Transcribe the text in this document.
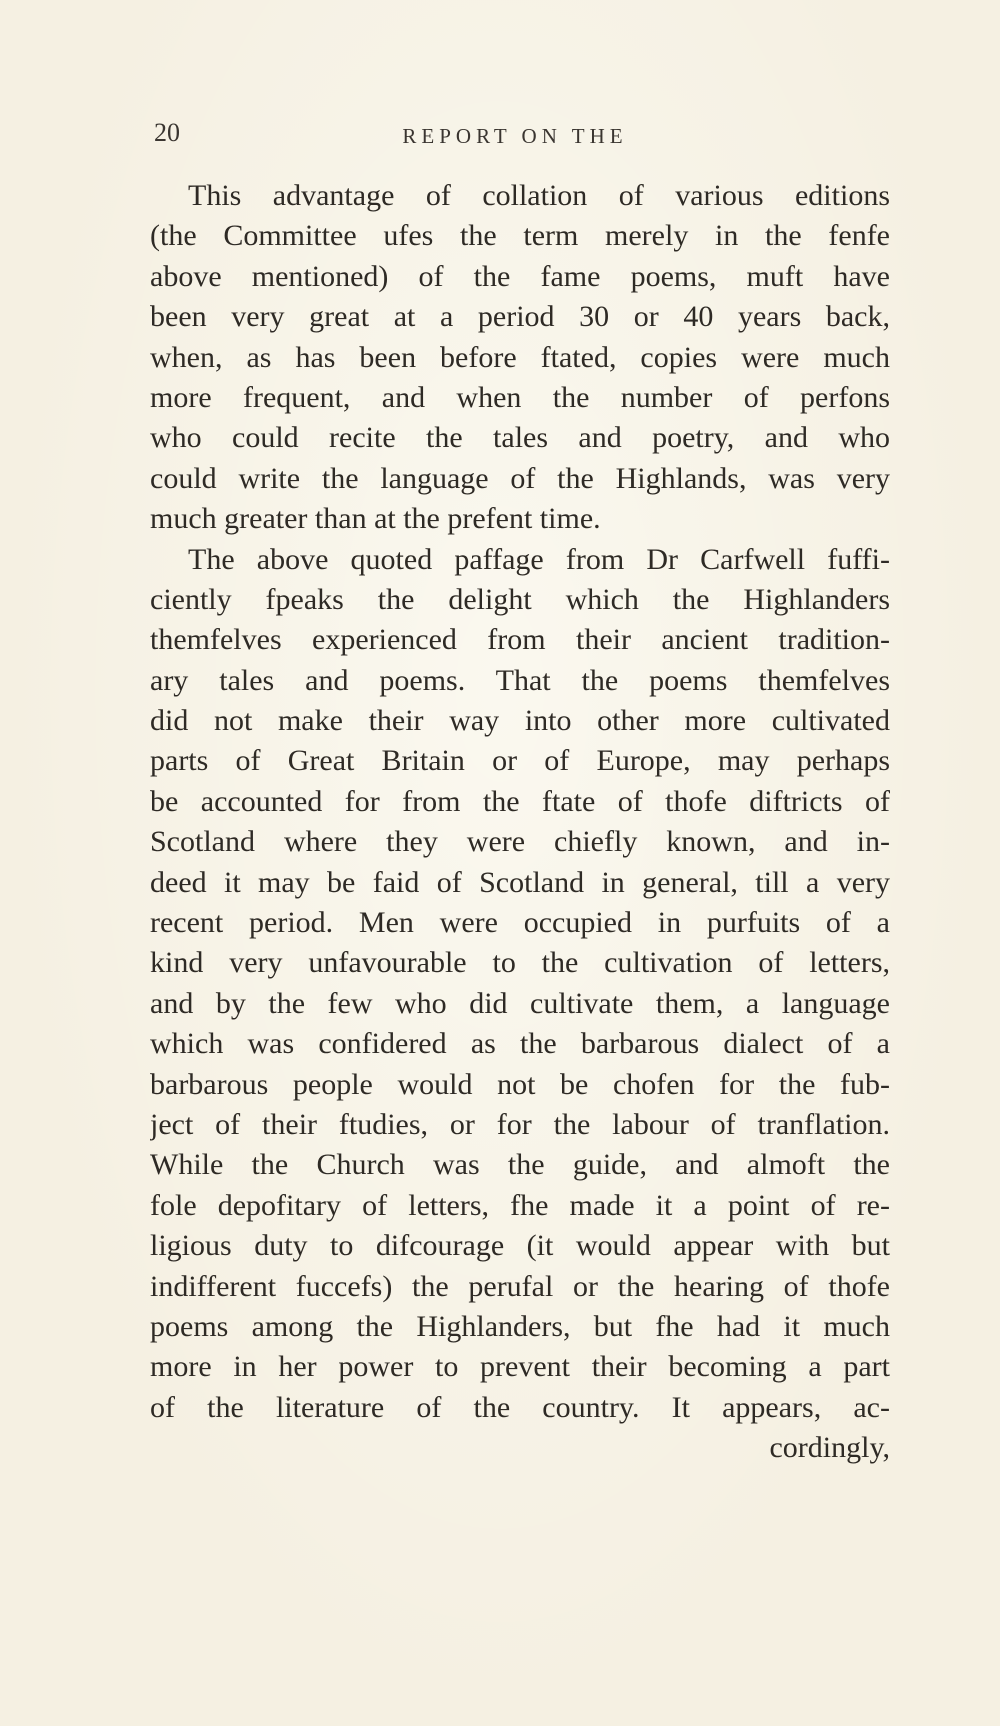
20	REPORT ON THE
This advantage of collation of various editions
(the Committee ufes the term merely in the fenfe
above mentioned) of the fame poems, muft have
been very great at a period 30 or 40 years back,
when, as has been before ftated, copies were much
more frequent, and when the number of perfons
who could recite the tales and poetry, and who
could write the language of the Highlands, was very
much greater than at the prefent time.
The above quoted paffage from Dr Carfwell fuffi-
ciently fpeaks the delight which the Highlanders
themfelves experienced from their ancient tradition-
ary tales and poems. That the poems themfelves
did not make their way into other more cultivated
parts of Great Britain or of Europe, may perhaps
be accounted for from the ftate of thofe diftricts of
Scotland where they were chiefly known, and in-
deed it may be faid of Scotland in general, till a very
recent period. Men were occupied in purfuits of a
kind very unfavourable to the cultivation of letters,
and by the few who did cultivate them, a language
which was confidered as the barbarous dialect of a
barbarous people would not be chofen for the fub-
ject of their ftudies, or for the labour of tranflation.
While the Church was the guide, and almoft the
fole depofitary of letters, fhe made it a point of re-
ligious duty to difcourage (it would appear with but
indifferent fuccefs) the perufal or the hearing of thofe
poems among the Highlanders, but fhe had it much
more in her power to prevent their becoming a part
of the literature of the country. It appears, ac-
cordingly,
